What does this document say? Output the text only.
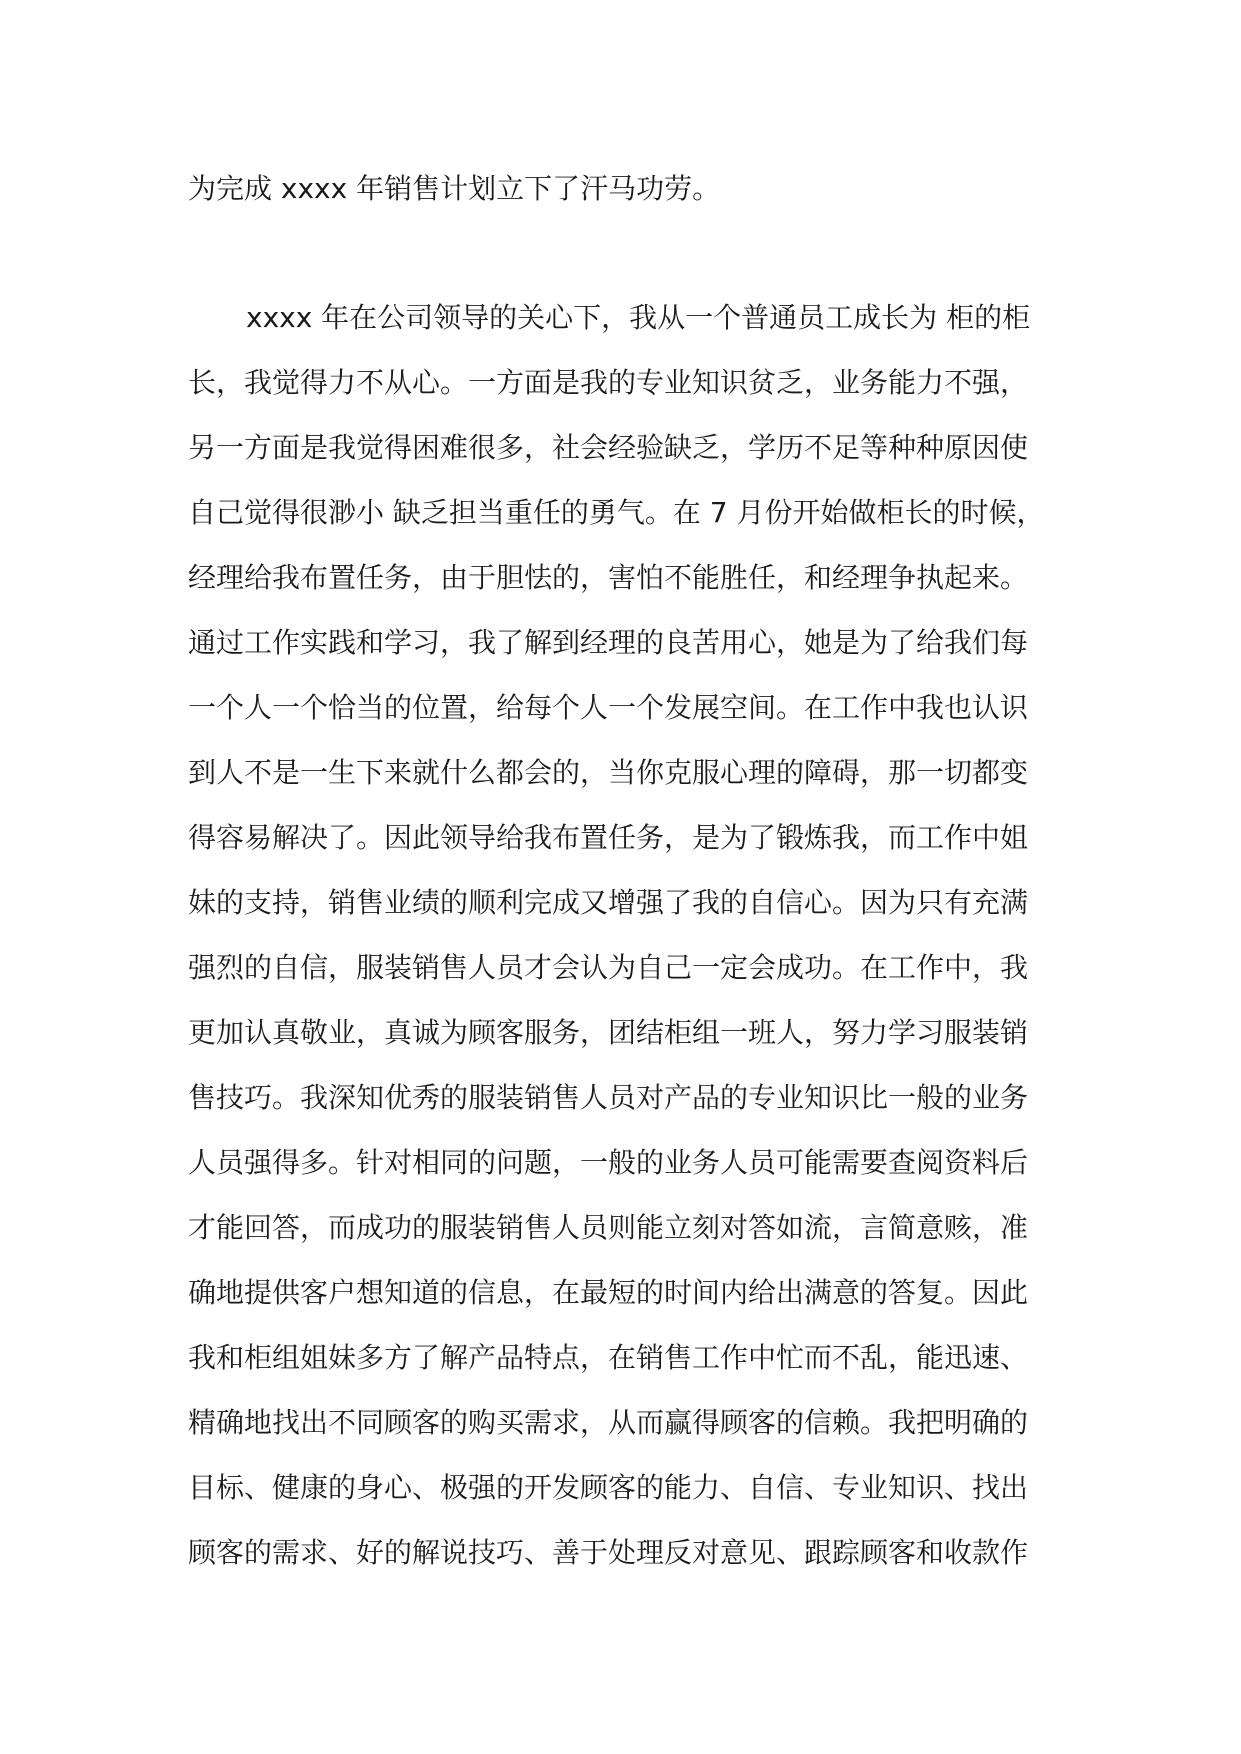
为完成 xxxx 年销售计划立下了汗马功劳。
xxxx 年在公司领导的关心下，我从一个普通员工成长为 柜的柜
长，我觉得力不从心。一方面是我的专业知识贫乏，业务能力不强，
另一方面是我觉得困难很多，社会经验缺乏，学历不足等种种原因使
自己觉得很渺小 缺乏担当重任的勇气。在 7 月份开始做柜长的时候，
经理给我布置任务，由于胆怯的，害怕不能胜任，和经理争执起来。
通过工作实践和学习，我了解到经理的良苦用心，她是为了给我们每
一个人一个恰当的位置，给每个人一个发展空间。在工作中我也认识
到人不是一生下来就什么都会的，当你克服心理的障碍，那一切都变
得容易解决了。因此领导给我布置任务，是为了锻炼我，而工作中姐
妹的支持，销售业绩的顺利完成又增强了我的自信心。因为只有充满
强烈的自信，服装销售人员才会认为自己一定会成功。在工作中，我
更加认真敬业，真诚为顾客服务，团结柜组一班人，努力学习服装销
售技巧。我深知优秀的服装销售人员对产品的专业知识比一般的业务
人员强得多。针对相同的问题，一般的业务人员可能需要查阅资料后
才能回答，而成功的服装销售人员则能立刻对答如流，言简意赅，准
确地提供客户想知道的信息，在最短的时间内给出满意的答复。因此
我和柜组姐妹多方了解产品特点，在销售工作中忙而不乱，能迅速、
精确地找出不同顾客的购买需求，从而赢得顾客的信赖。我把明确的
目标、健康的身心、极强的开发顾客的能力、自信、专业知识、找出
顾客的需求、好的解说技巧、善于处理反对意见、跟踪顾客和收款作
